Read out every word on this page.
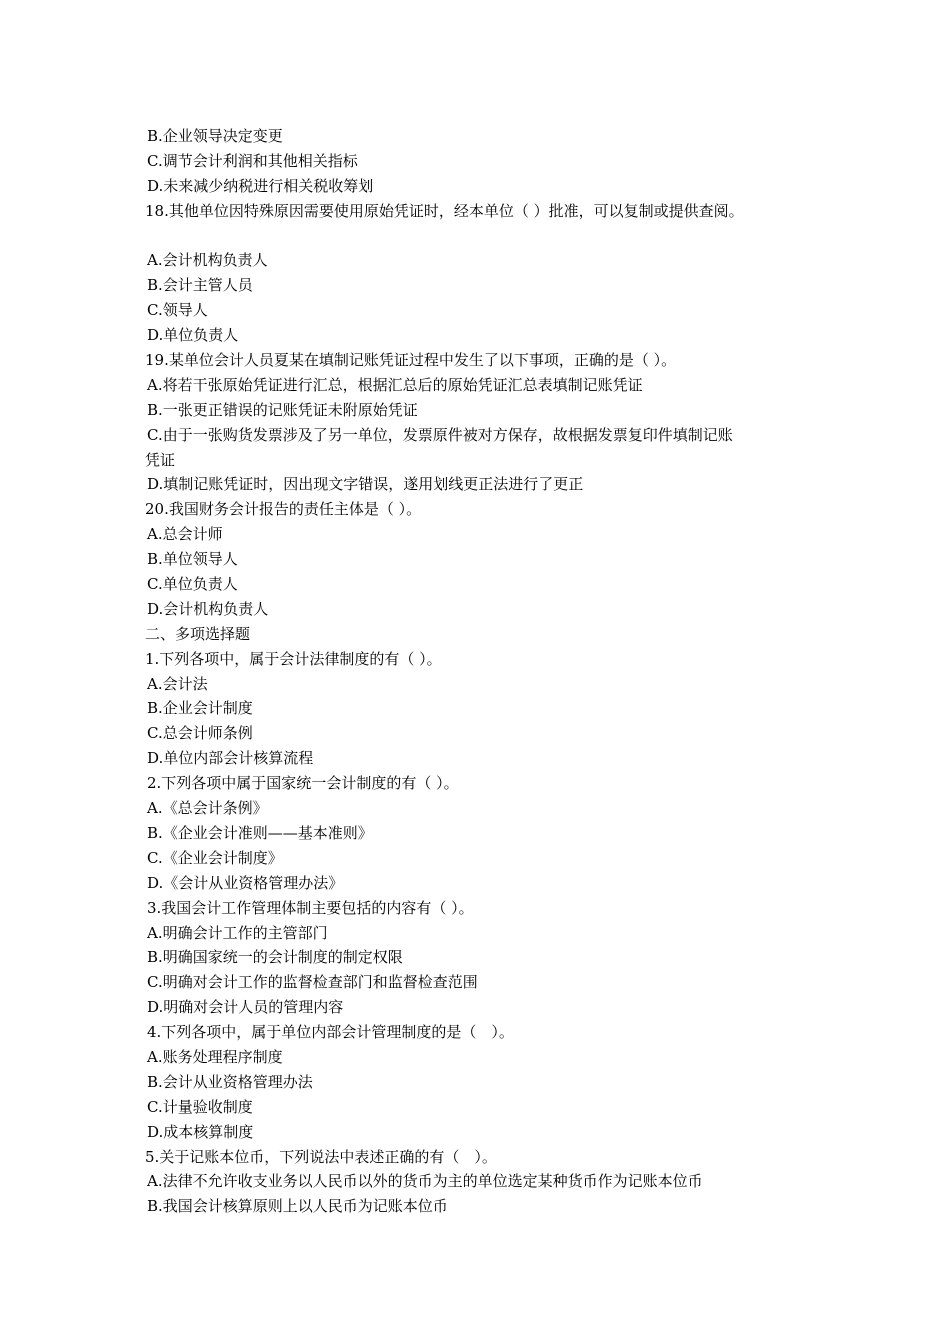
B.企业领导决定变更
C.调节会计利润和其他相关指标
D.未来减少纳税进行相关税收筹划
18.其他单位因特殊原因需要使用原始凭证时，经本单位（ ）批准，可以复制或提供查阅。
A.会计机构负责人
B.会计主管人员
C.领导人
D.单位负责人
19.某单位会计人员夏某在填制记账凭证过程中发生了以下事项，正确的是（ ）。
A.将若干张原始凭证进行汇总，根据汇总后的原始凭证汇总表填制记账凭证
B.一张更正错误的记账凭证未附原始凭证
C.由于一张购货发票涉及了另一单位，发票原件被对方保存，故根据发票复印件填制记账
凭证
D.填制记账凭证时，因出现文字错误，遂用划线更正法进行了更正
20.我国财务会计报告的责任主体是（ ）。
A.总会计师
B.单位领导人
C.单位负责人
D.会计机构负责人
二、多项选择题
1.下列各项中，属于会计法律制度的有（ ）。
A.会计法
B.企业会计制度
C.总会计师条例
D.单位内部会计核算流程
2.下列各项中属于国家统一会计制度的有（ ）。
A.《总会计条例》
B.《企业会计准则——基本准则》
C.《企业会计制度》
D.《会计从业资格管理办法》
3.我国会计工作管理体制主要包括的内容有（ ）。
A.明确会计工作的主管部门
B.明确国家统一的会计制度的制定权限
C.明确对会计工作的监督检查部门和监督检查范围
D.明确对会计人员的管理内容
4.下列各项中，属于单位内部会计管理制度的是（　）。
A.账务处理程序制度
B.会计从业资格管理办法
C.计量验收制度
D.成本核算制度
5.关于记账本位币，下列说法中表述正确的有（　）。
A.法律不允许收支业务以人民币以外的货币为主的单位选定某种货币作为记账本位币
B.我国会计核算原则上以人民币为记账本位币
